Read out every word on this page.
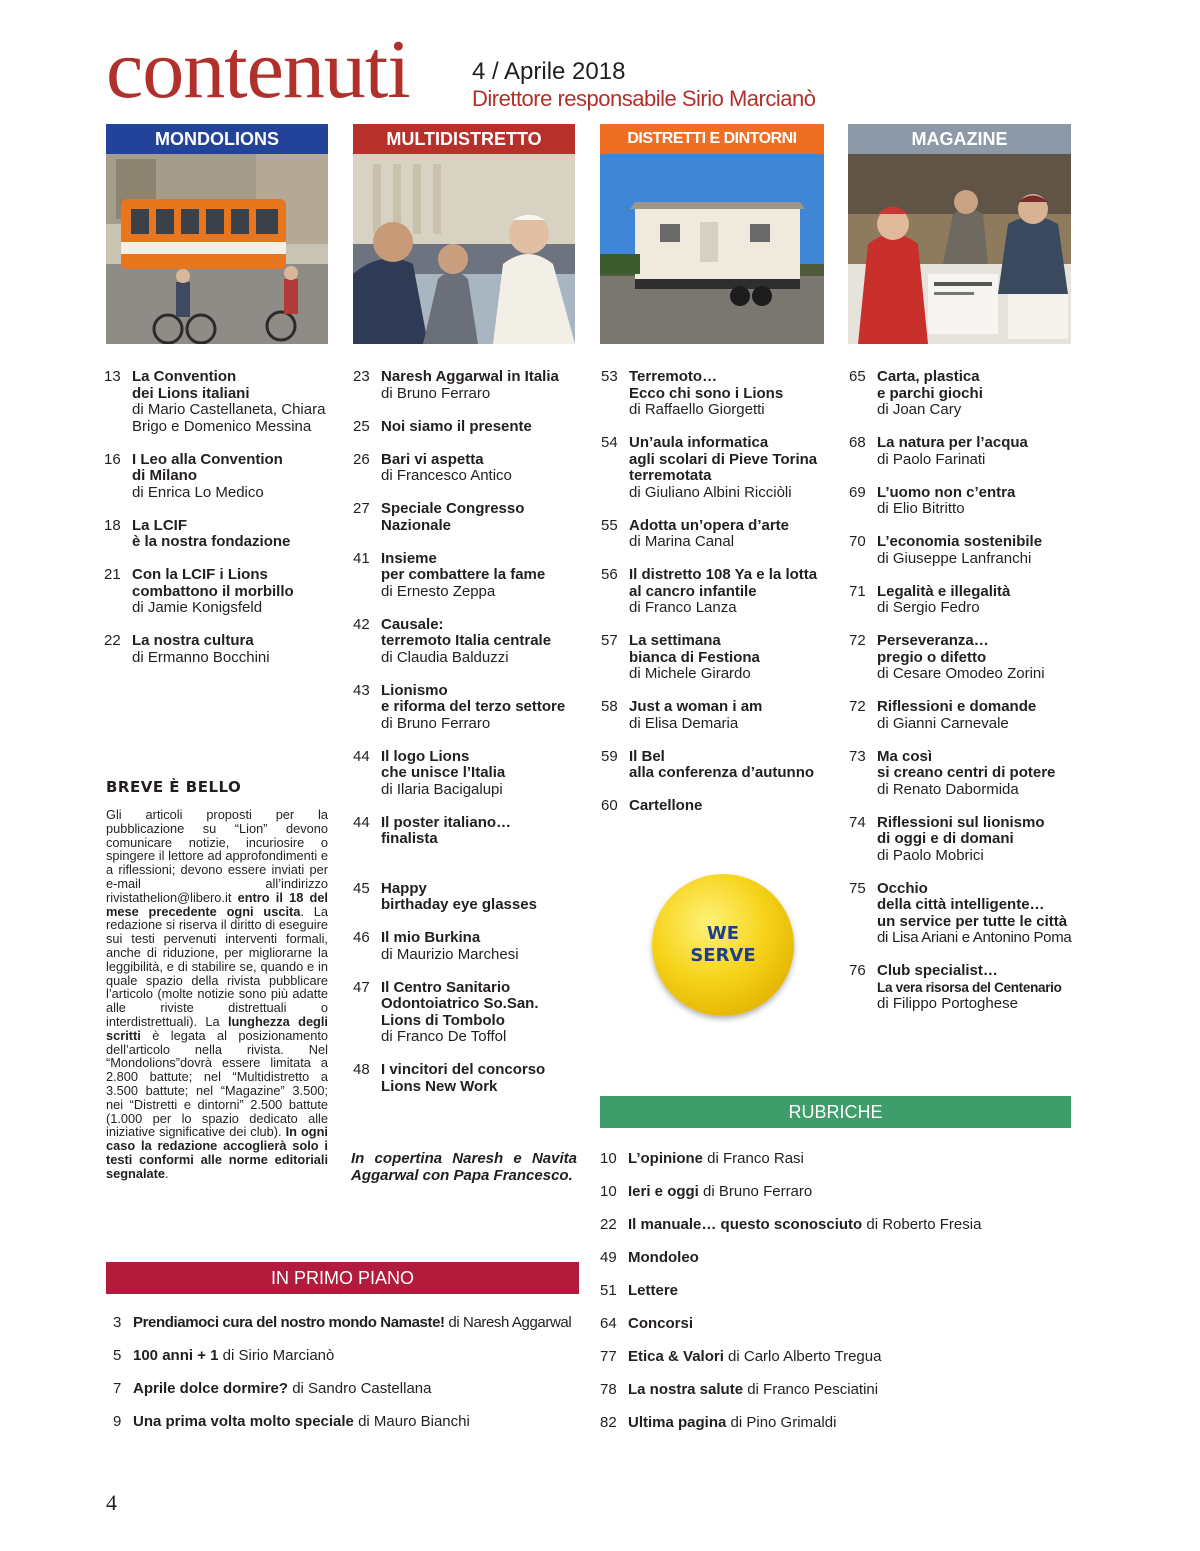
contenuti	4 / Aprile 2018
Direttore responsabile Sirio Marcianò
MONDOLIONS	MULTIDISTRETTO	DISTRETTI E DINTORNI	MAGAZINE
13 La Convention
dei Lions italiani
di Mario Castellaneta, Chiara Brigo e Domenico Messina
16 I Leo alla Convention
di Milano
di Enrica Lo Medico
18 La LCIF
è la nostra fondazione
21 Con la LCIF i Lions
combattono il morbillo
di Jamie Konigsfeld
22 La nostra cultura
di Ermanno Bocchini
BREVE È BELLO
Gli articoli proposti per la pubblicazione su “Lion” devono comunicare notizie, incuriosire o spingere il lettore ad approfondimenti e a riflessioni; devono essere inviati per e-mail all’indirizzo rivistathelion@libero.it entro il 18 del mese precedente ogni uscita. La redazione si riserva il diritto di eseguire sui testi pervenuti interventi formali, anche di riduzione, per migliorarne la leggibilità, e di stabilire se, quando e in quale spazio della rivista pubblicare l’articolo (molte notizie sono più adatte alle riviste distrettuali o interdistrettuali). La lunghezza degli scritti è legata al posizionamento dell’articolo nella rivista. Nel “Mondolions”dovrà essere limitata a 2.800 battute; nel “Multidistretto a 3.500 battute; nel “Magazine” 3.500; nei “Distretti e dintorni” 2.500 battute (1.000 per lo spazio dedicato alle iniziative significative dei club). In ogni caso la redazione accoglierà solo i testi conformi alle norme editoriali segnalate.
23 Naresh Aggarwal in Italia
di Bruno Ferraro
25 Noi siamo il presente
26 Bari vi aspetta
di Francesco Antico
27 Speciale Congresso
Nazionale
41 Insieme
per combattere la fame
di Ernesto Zeppa
42 Causale:
terremoto Italia centrale
di Claudia Balduzzi
43 Lionismo
e riforma del terzo settore
di Bruno Ferraro
44 Il logo Lions
che unisce l’Italia
di Ilaria Bacigalupi
44 Il poster italiano…
finalista
45 Happy
birthaday eye glasses
46 Il mio Burkina
di Maurizio Marchesi
47 Il Centro Sanitario
Odontoiatrico So.San.
Lions di Tombolo
di Franco De Toffol
48 I vincitori del concorso
Lions New Work
In copertina Naresh e Navita Aggarwal con Papa Francesco.
53 Terremoto…
Ecco chi sono i Lions
di Raffaello Giorgetti
54 Un’aula informatica
agli scolari di Pieve Torina
terremotata
di Giuliano Albini Ricciòli
55 Adotta un’opera d’arte
di Marina Canal
56 Il distretto 108 Ya e la lotta
al cancro infantile
di Franco Lanza
57 La settimana
bianca di Festiona
di Michele Girardo
58 Just a woman i am
di Elisa Demaria
59 Il Bel
alla conferenza d’autunno
60 Cartellone
WE
SERVE
65 Carta, plastica
e parchi giochi
di Joan Cary
68 La natura per l’acqua
di Paolo Farinati
69 L’uomo non c’entra
di Elio Bitritto
70 L’economia sostenibile
di Giuseppe Lanfranchi
71 Legalità e illegalità
di Sergio Fedro
72 Perseveranza…
pregio o difetto
di Cesare Omodeo Zorini
72 Riflessioni e domande
di Gianni Carnevale
73 Ma così
si creano centri di potere
di Renato Dabormida
74 Riflessioni sul lionismo
di oggi e di domani
di Paolo Mobrici
75 Occhio
della città intelligente…
un service per tutte le città
di Lisa Ariani e Antonino Poma
76 Club specialist…
La vera risorsa del Centenario
di Filippo Portoghese
RUBRICHE
10 L’opinione di Franco Rasi
10 Ieri e oggi di Bruno Ferraro
22 Il manuale… questo sconosciuto di Roberto Fresia
49 Mondoleo
51 Lettere
64 Concorsi
77 Etica & Valori di Carlo Alberto Tregua
78 La nostra salute di Franco Pesciatini
82 Ultima pagina di Pino Grimaldi
IN PRIMO PIANO
3 Prendiamoci cura del nostro mondo Namaste! di Naresh Aggarwal
5 100 anni + 1 di Sirio Marcianò
7 Aprile dolce dormire? di Sandro Castellana
9 Una prima volta molto speciale di Mauro Bianchi
4
